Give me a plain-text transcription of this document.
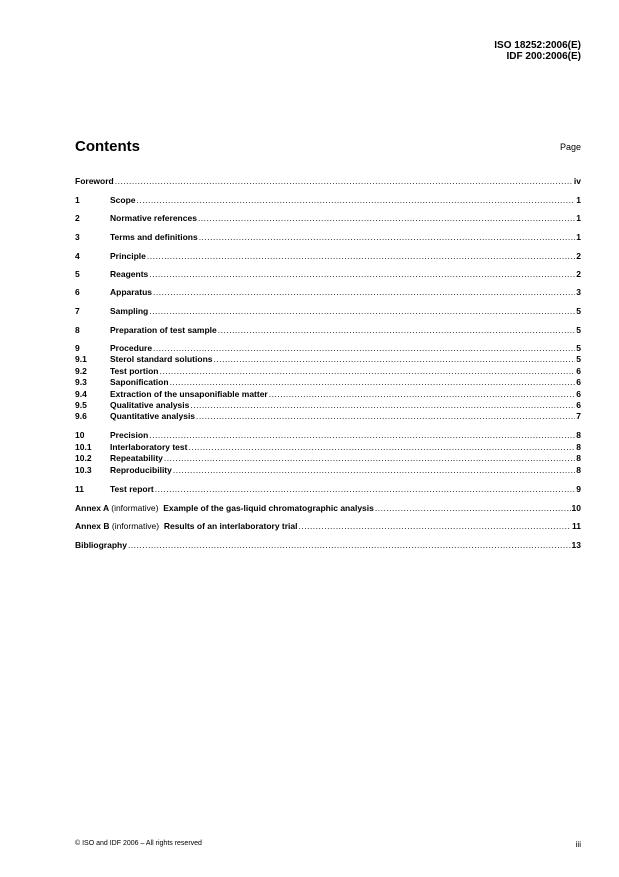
ISO 18252:2006(E)
IDF 200:2006(E)
Contents	Page
Foreword .....	iv
1	Scope .....	1
2	Normative references .....	1
3	Terms and definitions .....	1
4	Principle .....	2
5	Reagents .....	2
6	Apparatus .....	3
7	Sampling .....	5
8	Preparation of test sample .....	5
9	Procedure .....	5
9.1	Sterol standard solutions .....	5
9.2	Test portion .....	6
9.3	Saponification .....	6
9.4	Extraction of the unsaponifiable matter .....	6
9.5	Qualitative analysis .....	6
9.6	Quantitative analysis .....	7
10	Precision .....	8
10.1	Interlaboratory test .....	8
10.2	Repeatability .....	8
10.3	Reproducibility .....	8
11	Test report .....	9
Annex A (informative) Example of the gas-liquid chromatographic analysis .....	10
Annex B (informative) Results of an interlaboratory trial .....	11
Bibliography .....	13
© ISO and IDF 2006 – All rights reserved	iii
